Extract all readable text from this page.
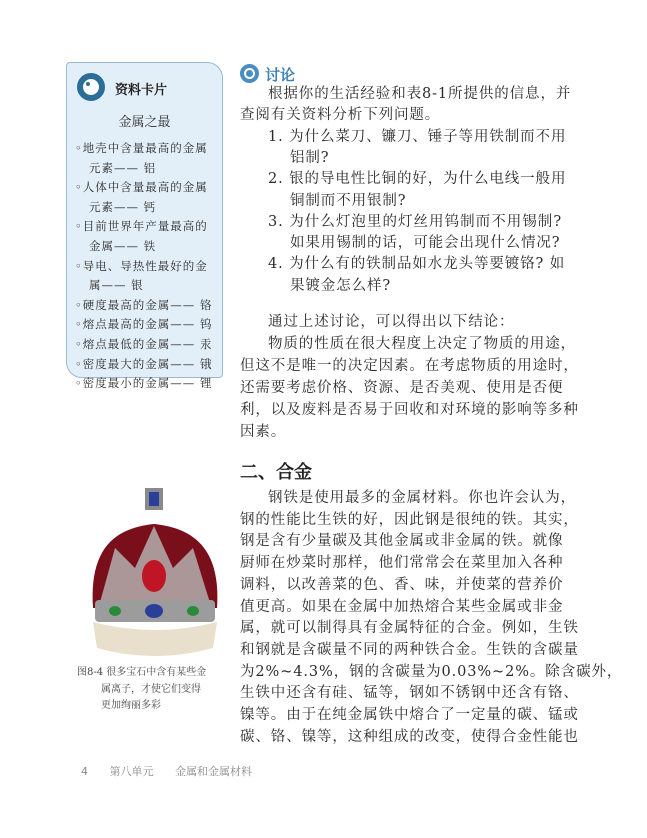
资料卡片
金属之最
◦地壳中含量最高的金属
元素—— 铝
◦人体中含量最高的金属
元素—— 钙
◦目前世界年产量最高的
金属—— 铁
◦导电、导热性最好的金
属—— 银
◦硬度最高的金属—— 铬
◦熔点最高的金属—— 钨
◦熔点最低的金属—— 汞
◦密度最大的金属—— 锇
◦密度最小的金属—— 锂
讨论
根据你的生活经验和表8-1所提供的信息，并
查阅有关资料分析下列问题。
1. 为什么菜刀、镰刀、锤子等用铁制而不用
铝制?
2. 银的导电性比铜的好，为什么电线一般用
铜制而不用银制?
3. 为什么灯泡里的灯丝用钨制而不用锡制?
如果用锡制的话，可能会出现什么情况?
4. 为什么有的铁制品如水龙头等要镀铬? 如
果镀金怎么样?
通过上述讨论，可以得出以下结论：
物质的性质在很大程度上决定了物质的用途，
但这不是唯一的决定因素。在考虑物质的用途时，
还需要考虑价格、资源、是否美观、使用是否便
利，以及废料是否易于回收和对环境的影响等多种
因素。
钢铁是使用最多的金属材料。你也许会认为，
钢的性能比生铁的好，因此钢是很纯的铁。其实，
钢是含有少量碳及其他金属或非金属的铁。就像
厨师在炒菜时那样，他们常常会在菜里加入各种
调料，以改善菜的色、香、味，并使菜的营养价
值更高。如果在金属中加热熔合某些金属或非金
属，就可以制得具有金属特征的合金。例如，生铁
和钢就是含碳量不同的两种铁合金。生铁的含碳量
为2%~4.3%，钢的含碳量为0.03%~2%。除含碳外，
生铁中还含有硅、锰等，钢如不锈钢中还含有铬、
镍等。由于在纯金属铁中熔合了一定量的碳、锰或
碳、铬、镍等，这种组成的改变，使得合金性能也
二、合金
图8-4 很多宝石中含有某些金
属离子，才使它们变得
更加绚丽多彩
4 第八单元 金属和金属材料
